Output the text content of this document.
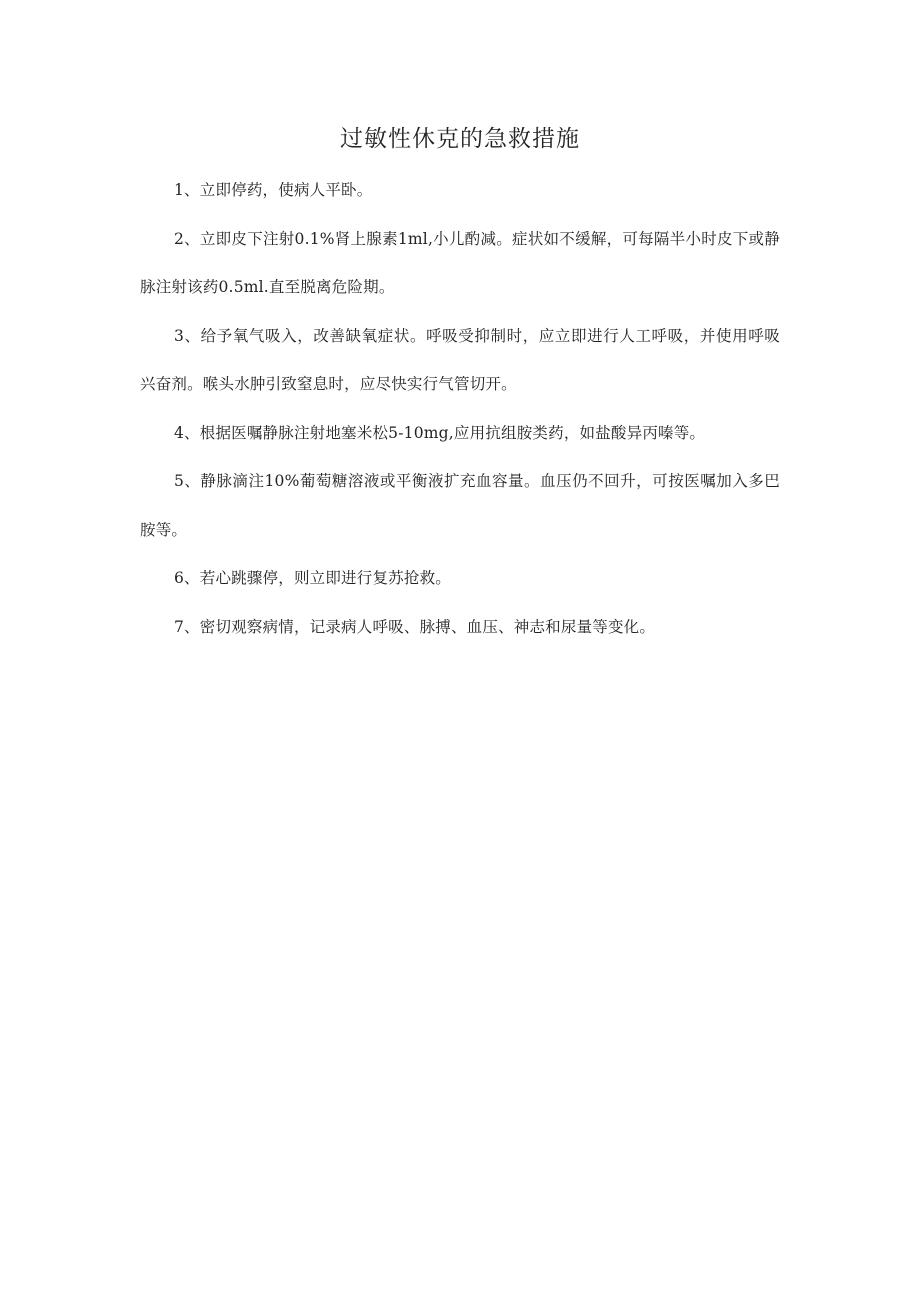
过敏性休克的急救措施

1、立即停药，使病人平卧。

2、立即皮下注射0.1%肾上腺素1ml,小儿酌减。症状如不缓解，可每隔半小时皮下或静脉注射该药0.5ml.直至脱离危险期。

3、给予氧气吸入，改善缺氧症状。呼吸受抑制时，应立即进行人工呼吸，并使用呼吸兴奋剂。喉头水肿引致窒息时，应尽快实行气管切开。

4、根据医嘱静脉注射地塞米松5-10mg,应用抗组胺类药，如盐酸异丙嗪等。

5、静脉滴注10%葡萄糖溶液或平衡液扩充血容量。血压仍不回升，可按医嘱加入多巴胺等。

6、若心跳骤停，则立即进行复苏抢救。

7、密切观察病情，记录病人呼吸、脉搏、血压、神志和尿量等变化。
